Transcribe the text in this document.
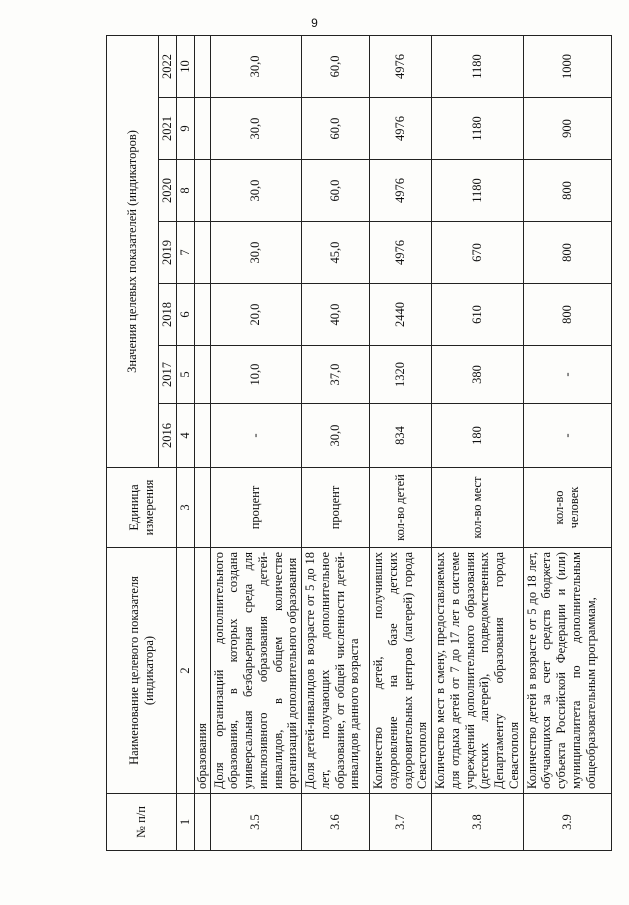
9
№ п/п	Наименование целевого показателя (индикатора)	Единица измерения	Значения целевых показателей (индикаторов)						
			2016	2017	2018	2019	2020	2021	2022
1	2	3	4	5	6	7	8	9	10
	образования								
3.5	Доля организаций дополнительного образования, в которых создана универсальная безбарьерная среда для инклюзивного образования детей-инвалидов, в общем количестве организаций дополнительного образования	процент	-	10,0	20,0	30,0	30,0	30,0	30,0
3.6	Доля детей-инвалидов в возрасте от 5 до 18 лет, получающих дополнительное образование, от общей численности детей-инвалидов данного возраста	процент	30,0	37,0	40,0	45,0	60,0	60,0	60,0
3.7	Количество детей, получивших оздоровление на базе детских оздоровительных центров (лагерей) города Севастополя	кол-во детей	834	1320	2440	4976	4976	4976	4976
3.8	Количество мест в смену, предоставляемых для отдыха детей от 7 до 17 лет в системе учреждений дополнительного образования (детских лагерей), подведомственных Департаменту образования города Севастополя	кол-во мест	180	380	610	670	1180	1180	1180
3.9	Количество детей в возрасте от 5 до 18 лет, обучающихся за счет средств бюджета субъекта Российской Федерации и (или) муниципалитета по дополнительным общеобразовательным программам,	кол-во человек	-	-	800	800	800	900	1000
